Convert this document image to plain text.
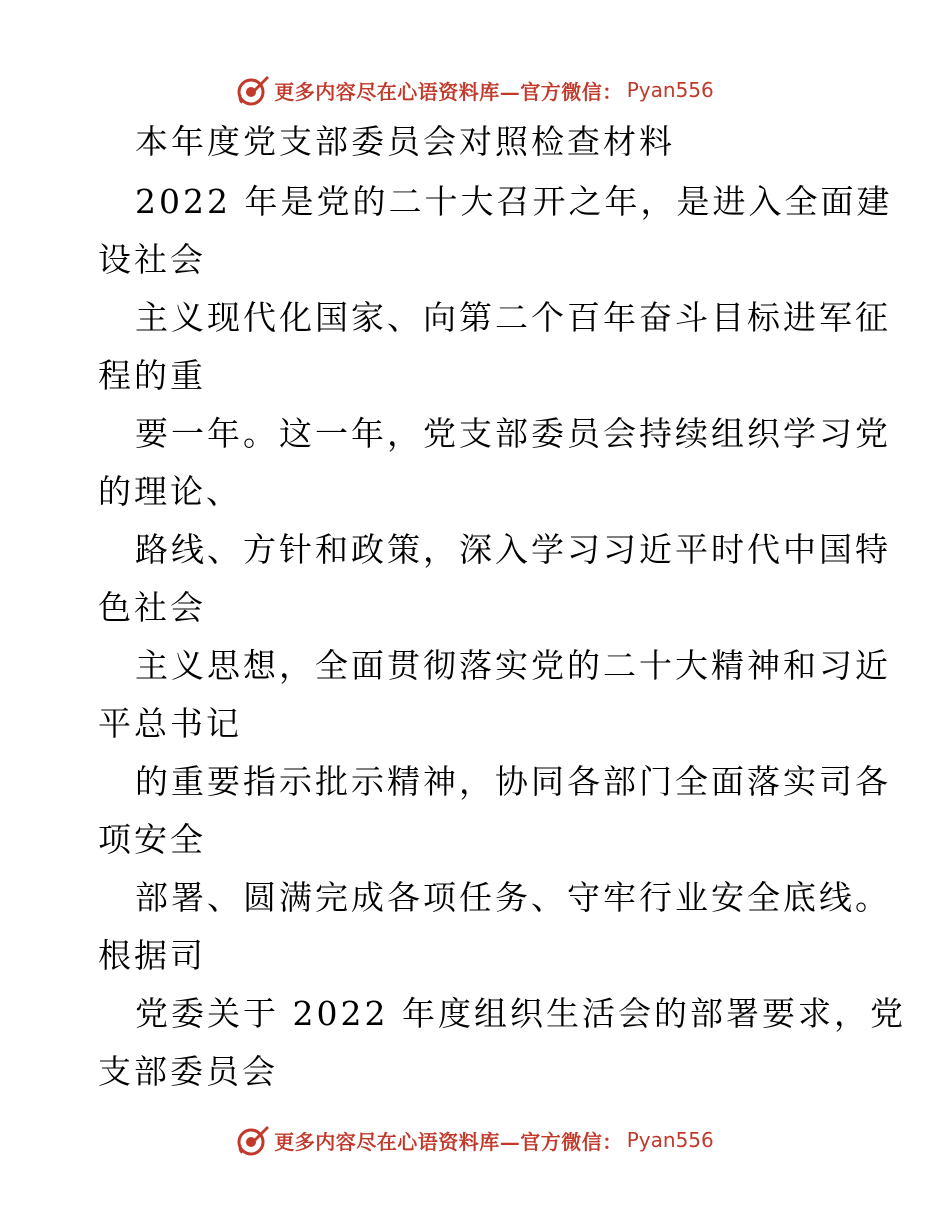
更多内容尽在心语资料库—官方微信： Pyan556
本年度党支部委员会对照检查材料
2022 年是党的二十大召开之年，是进入全面建
设社会
主义现代化国家、向第二个百年奋斗目标进军征
程的重
要一年。这一年，党支部委员会持续组织学习党
的理论、
路线、方针和政策，深入学习习近平时代中国特
色社会
主义思想，全面贯彻落实党的二十大精神和习近
平总书记
的重要指示批示精神，协同各部门全面落实司各
项安全
部署、圆满完成各项任务、守牢行业安全底线。
根据司
党委关于 2022 年度组织生活会的部署要求，党
支部委员会
更多内容尽在心语资料库—官方微信： Pyan556
